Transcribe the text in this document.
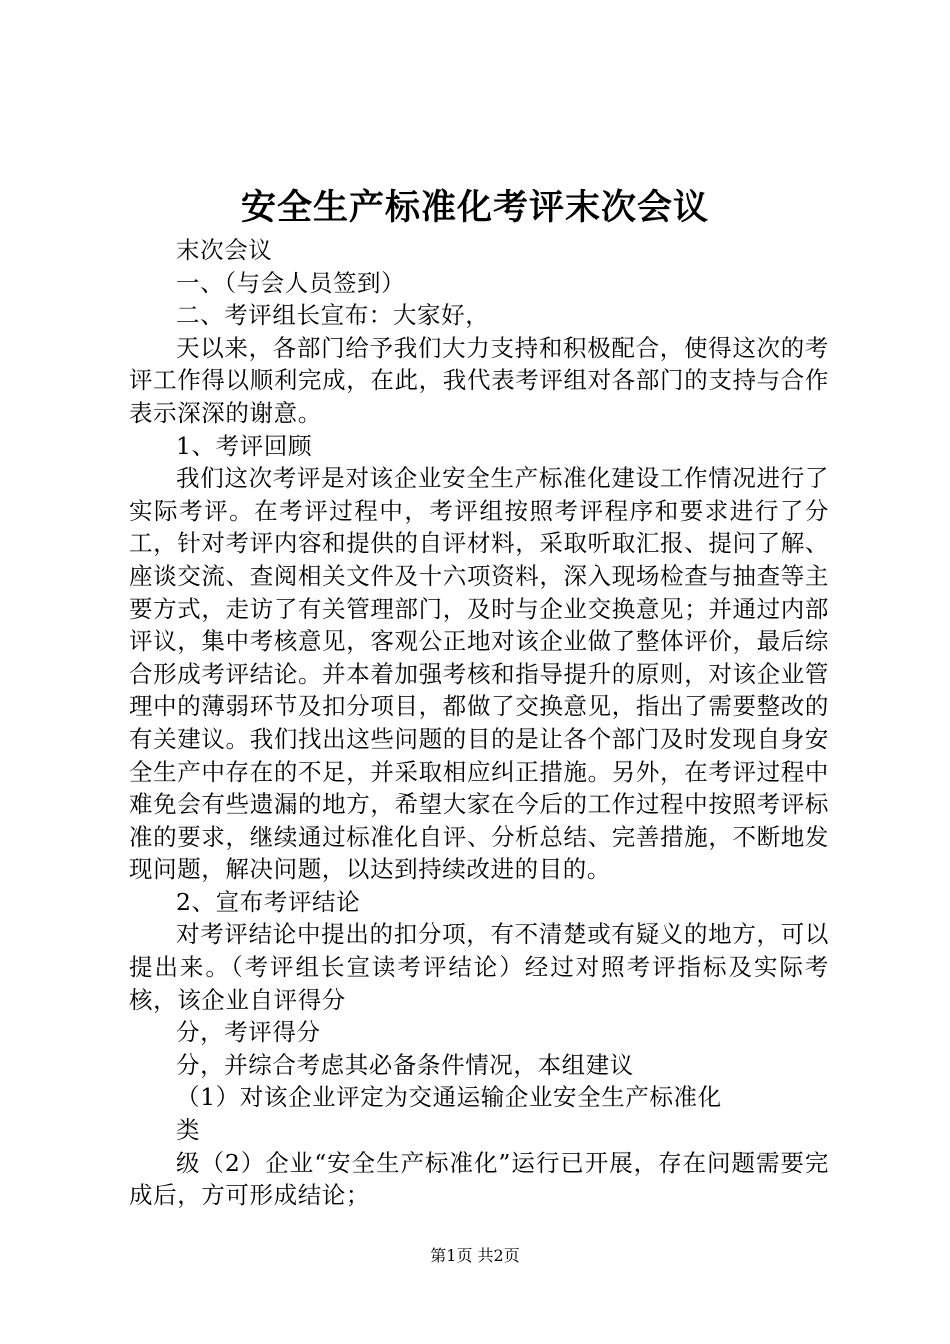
安全生产标准化考评末次会议

末次会议

一、（与会人员签到）

二、考评组长宣布：大家好，

天以来，各部门给予我们大力支持和积极配合，使得这次的考评工作得以顺利完成，在此，我代表考评组对各部门的支持与合作表示深深的谢意。

1、考评回顾

我们这次考评是对该企业安全生产标准化建设工作情况进行了实际考评。在考评过程中，考评组按照考评程序和要求进行了分工，针对考评内容和提供的自评材料，采取听取汇报、提问了解、座谈交流、查阅相关文件及十六项资料，深入现场检查与抽查等主要方式，走访了有关管理部门，及时与企业交换意见；并通过内部评议，集中考核意见，客观公正地对该企业做了整体评价，最后综合形成考评结论。并本着加强考核和指导提升的原则，对该企业管理中的薄弱环节及扣分项目，都做了交换意见，指出了需要整改的有关建议。我们找出这些问题的目的是让各个部门及时发现自身安全生产中存在的不足，并采取相应纠正措施。另外，在考评过程中难免会有些遗漏的地方，希望大家在今后的工作过程中按照考评标准的要求，继续通过标准化自评、分析总结、完善措施，不断地发现问题，解决问题，以达到持续改进的目的。

2、宣布考评结论

对考评结论中提出的扣分项，有不清楚或有疑义的地方，可以提出来。（考评组长宣读考评结论）经过对照考评指标及实际考核，该企业自评得分

分，考评得分

分，并综合考虑其必备条件情况，本组建议

（1）对该企业评定为交通运输企业安全生产标准化

类

级（2）企业“安全生产标准化”运行已开展，存在问题需要完成后，方可形成结论；

第1页 共2页
